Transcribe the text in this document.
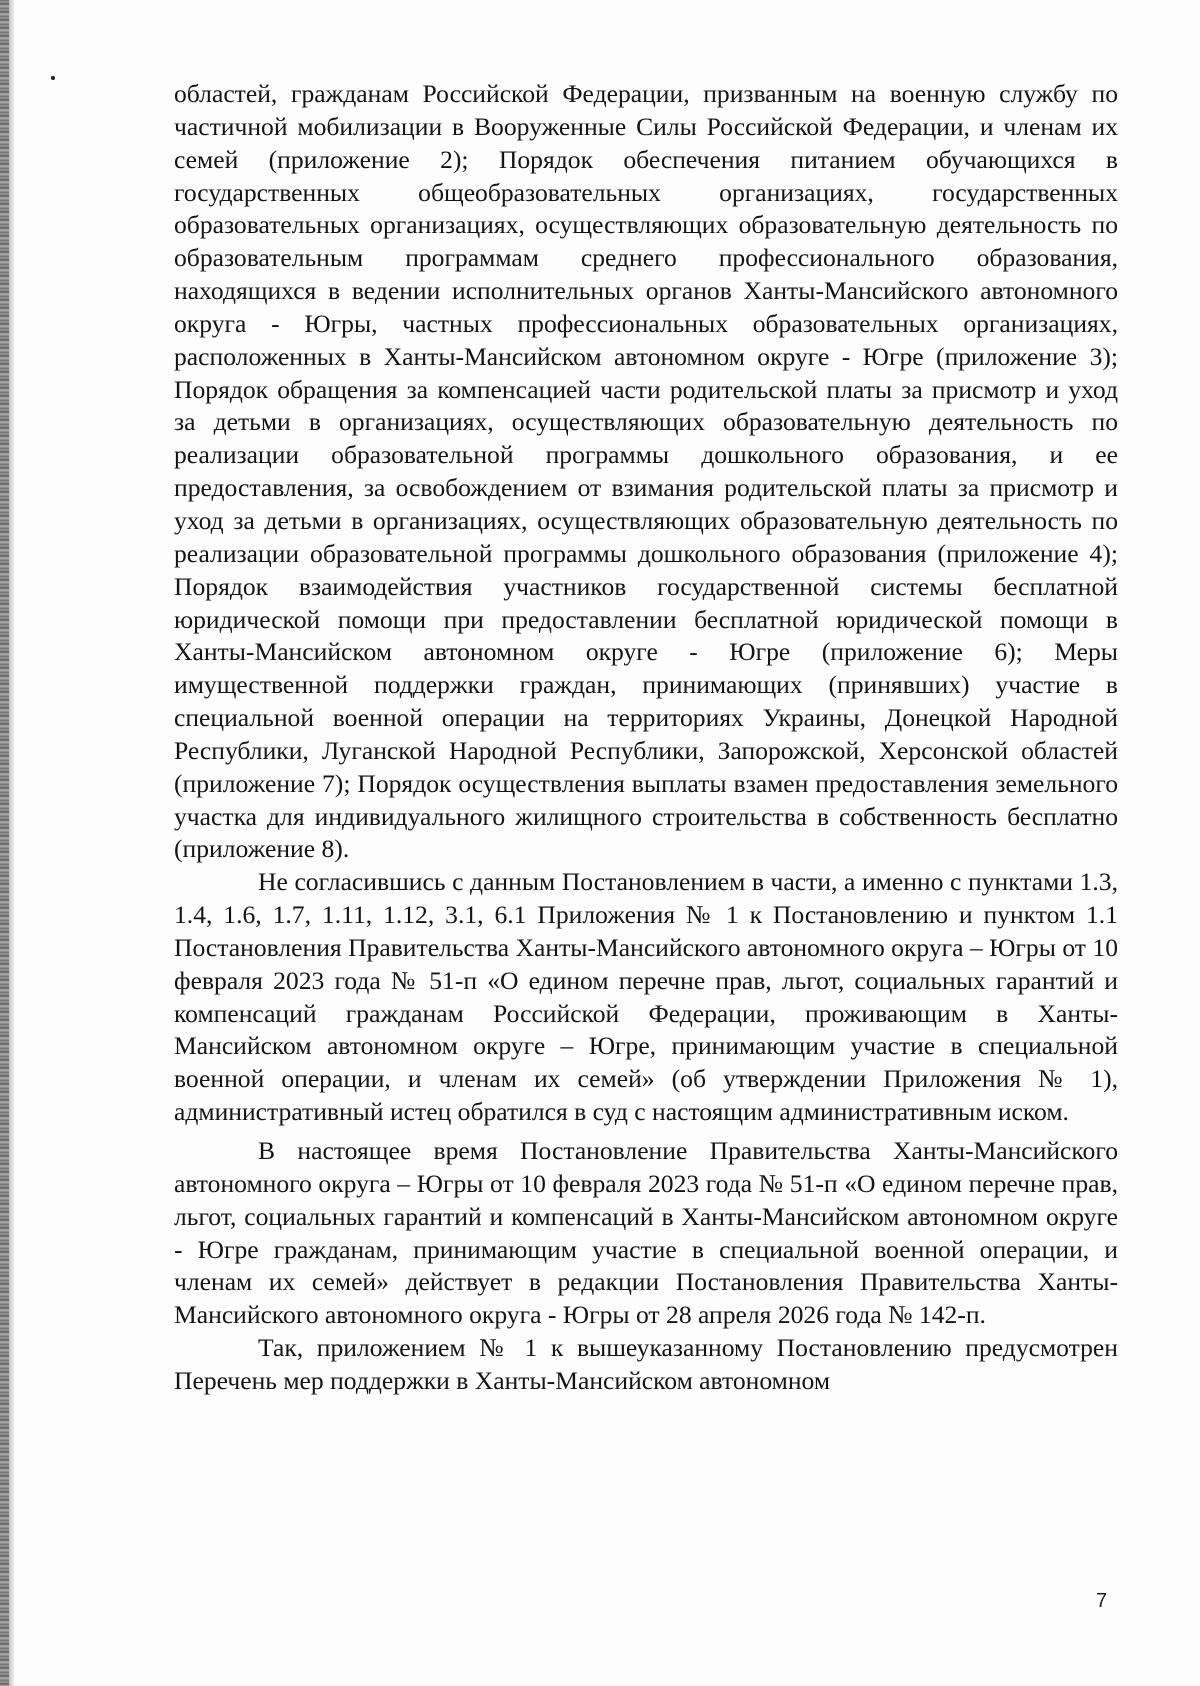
областей, гражданам Российской Федерации, призванным на военную службу по частичной мобилизации в Вооруженные Силы Российской Федерации, и членам их семей (приложение 2); Порядок обеспечения питанием обучающихся в государственных общеобразовательных организациях, государственных образовательных организациях, осуществляющих образовательную деятельность по образовательным программам среднего профессионального образования, находящихся в ведении исполнительных органов Ханты-Мансийского автономного округа - Югры, частных профессиональных образовательных организациях, расположенных в Ханты-Мансийском автономном округе - Югре (приложение 3); Порядок обращения за компенсацией части родительской платы за присмотр и уход за детьми в организациях, осуществляющих образовательную деятельность по реализации образовательной программы дошкольного образования, и ее предоставления, за освобождением от взимания родительской платы за присмотр и уход за детьми в организациях, осуществляющих образовательную деятельность по реализации образовательной программы дошкольного образования (приложение 4); Порядок взаимодействия участников государственной системы бесплатной юридической помощи при предоставлении бесплатной юридической помощи в Ханты-Мансийском автономном округе - Югре (приложение 6); Меры имущественной поддержки граждан, принимающих (принявших) участие в специальной военной операции на территориях Украины, Донецкой Народной Республики, Луганской Народной Республики, Запорожской, Херсонской областей (приложение 7); Порядок осуществления выплаты взамен предоставления земельного участка для индивидуального жилищного строительства в собственность бесплатно (приложение 8).

Не согласившись с данным Постановлением в части, а именно с пунктами 1.3, 1.4, 1.6, 1.7, 1.11, 1.12, 3.1, 6.1 Приложения № 1 к Постановлению и пунктом 1.1 Постановления Правительства Ханты-Мансийского автономного округа – Югры от 10 февраля 2023 года № 51-п «О едином перечне прав, льгот, социальных гарантий и компенсаций гражданам Российской Федерации, проживающим в Ханты-Мансийском автономном округе – Югре, принимающим участие в специальной военной операции, и членам их семей» (об утверждении Приложения № 1), административный истец обратился в суд с настоящим административным иском.

В настоящее время Постановление Правительства Ханты-Мансийского автономного округа – Югры от 10 февраля 2023 года № 51-п «О едином перечне прав, льгот, социальных гарантий и компенсаций в Ханты-Мансийском автономном округе - Югре гражданам, принимающим участие в специальной военной операции, и членам их семей» действует в редакции Постановления Правительства Ханты-Мансийского автономного округа - Югры от 28 апреля 2026 года № 142-п.

Так, приложением № 1 к вышеуказанному Постановлению предусмотрен Перечень мер поддержки в Ханты-Мансийском автономном

7
